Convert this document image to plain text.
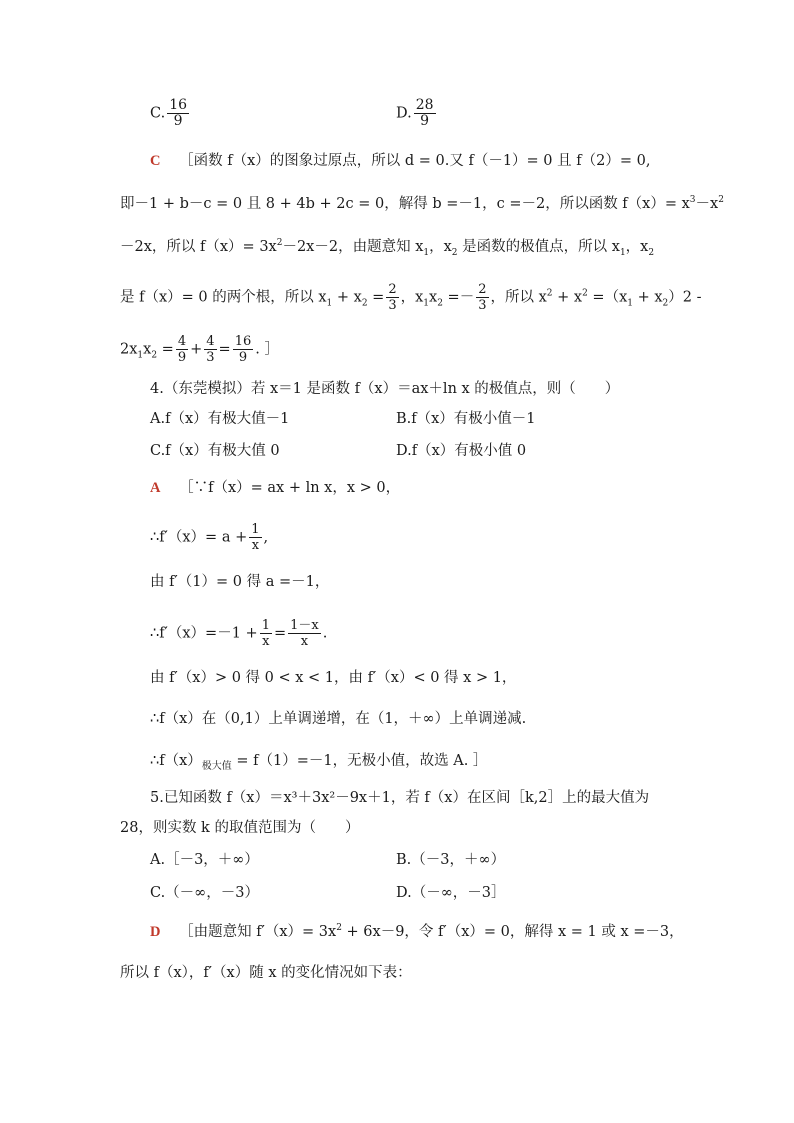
C. $\frac{16}{9}$	D. $\frac{28}{9}$
C ［函数 f（x）的图象过原点，所以 d = 0.又 f（－1）= 0 且 f（2）= 0,
即－1 + b－c = 0 且 8 + 4b + 2c = 0，解得 b =－1，c =－2，所以函数 $f(x)= x^3-x^2$
－2x，所以 $f(x)= 3x^2-2x-2$，由题意知 $x_1$，$x_2$ 是函数的极值点，所以 $x_1$，$x_2$
是 f（x）= 0 的两个根，所以 $x_1 + x_2 = \frac{2}{3}$ ，$x_1x_2 =- \frac{2}{3}$ ，所以 $x^2 + x^2 =(x_1 + x_2)2$ -
$2x_1x_2 = \frac{4}{9} + \frac{4}{3} = \frac{16}{9}$ . ］
4.（东莞模拟）若 x＝1 是函数 f（x）＝ax＋ln x 的极值点，则（　　）
A.f（x）有极大值－1	B.f（x）有极小值－1
C.f（x）有极大值 0	D.f（x）有极小值 0
A ［∵f（x）= ax + ln x，x > 0，
∴f′（x）= $a + \frac{1}{x}$ ,
由 f′（1）= 0 得 a =－1，
∴f′（x）=－1 + $\frac{1}{x} = \frac{1-x}{x}$ .
由 f′（x）> 0 得 0 < x < 1，由 f′（x）< 0 得 x > 1，
∴f（x）在（0,1）上单调递增，在（1，＋∞）上单调递减.
$\therefore f(x)_{极大值} = f(1)=-1$，无极小值，故选 A. ］
5.已知函数 f（x）＝x³＋3x²－9x＋1，若 f（x）在区间［k,2］上的最大值为
28，则实数 k 的取值范围为（　　）
A.［－3，＋∞）	B.（－3，＋∞）
C.（－∞，－3）	D.（－∞，－3］
D ［由题意知 $f'(x)= 3x^2 + 6x-9$，令 f′（x）= 0，解得 x = 1 或 x =－3，
所以 f（x），f′（x）随 x 的变化情况如下表：
